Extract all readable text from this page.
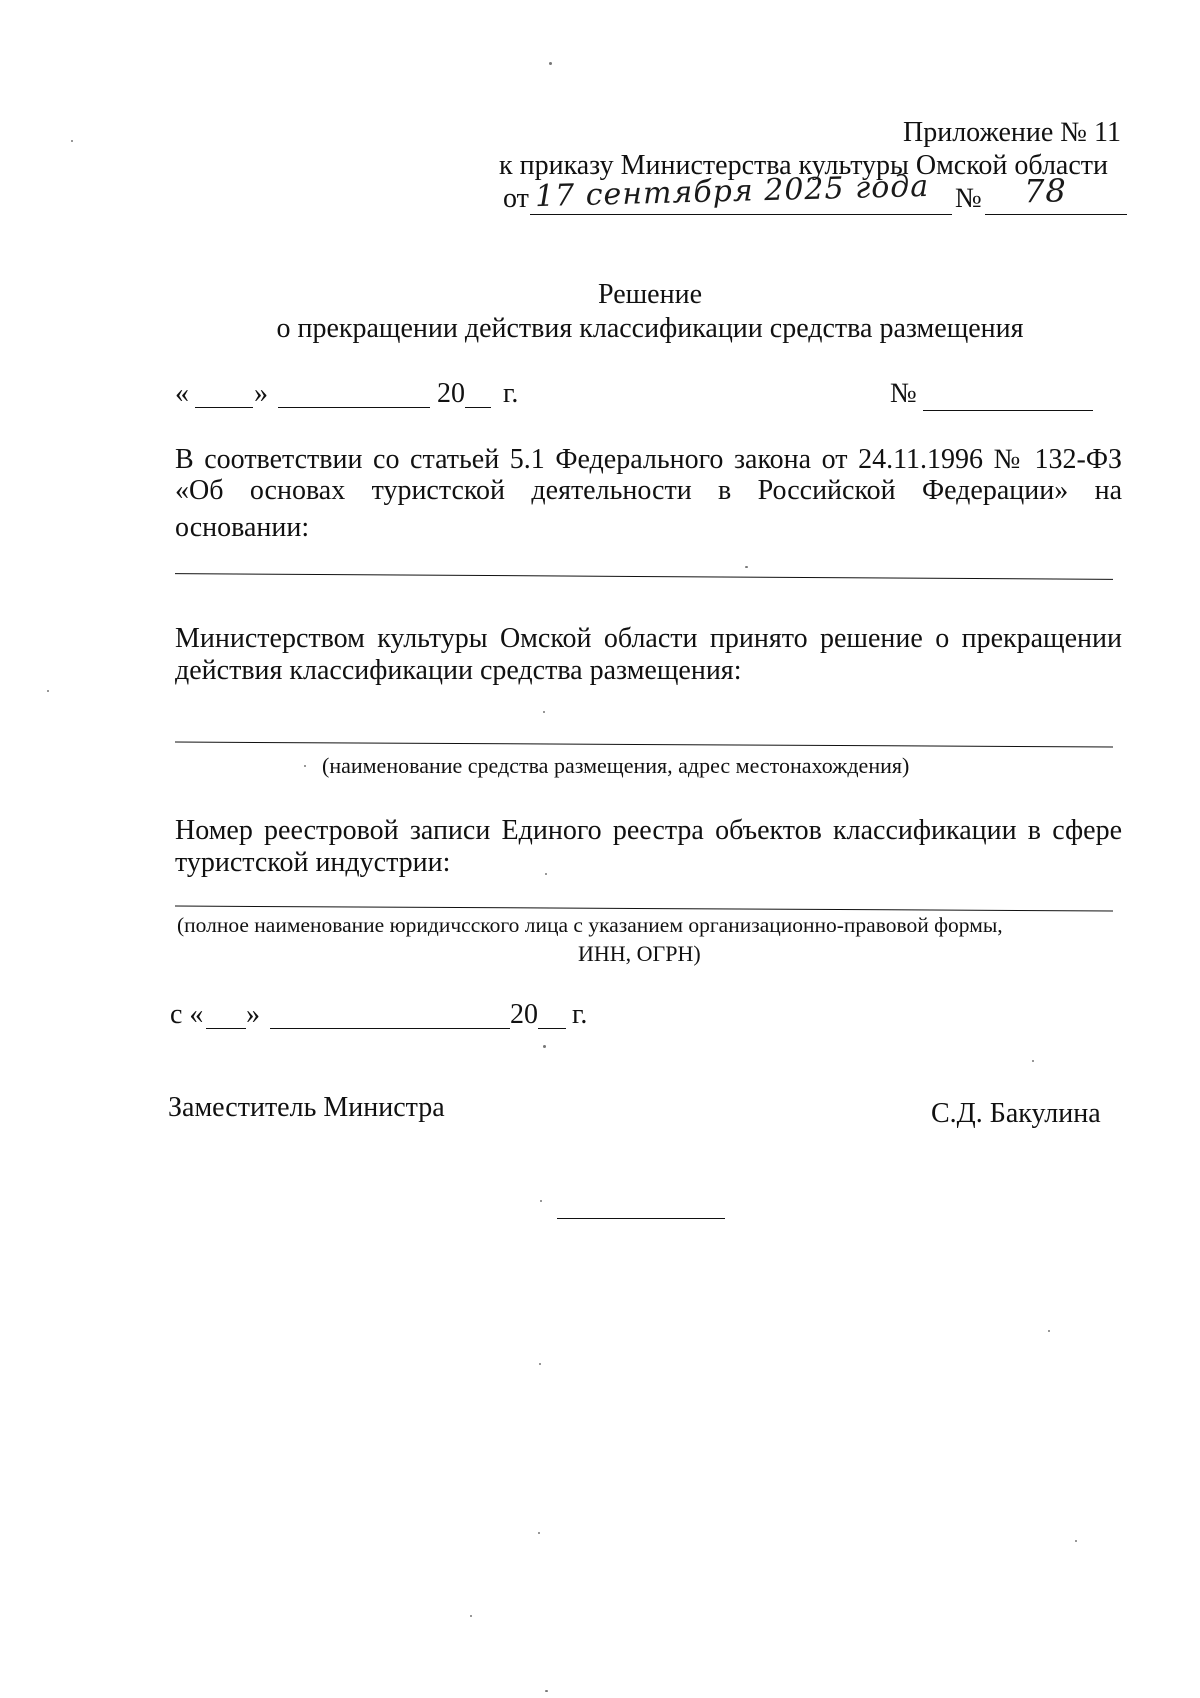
Приложение № 11
к приказу Министерства культуры Омской области
от 17 сентября 2025 года № 78
Решение
о прекращении действия классификации средства размещения
« »	20 г.	№
В соответствии со статьей 5.1 Федерального закона от 24.11.1996 № 132-ФЗ
«Об основах туристской деятельности в Российской Федерации» на
основании:
Министерством культуры Омской области принято решение о прекращении
действия классификации средства размещения:
(наименование средства размещения, адрес местонахождения)
Номер реестровой записи Единого реестра объектов классификации в сфере
туристской индустрии:
(полное наименование юридичсского лица с указанием организационно-правовой формы,
ИНН, ОГРН)
с « »	20 г.
Заместитель Министра	С.Д. Бакулина
